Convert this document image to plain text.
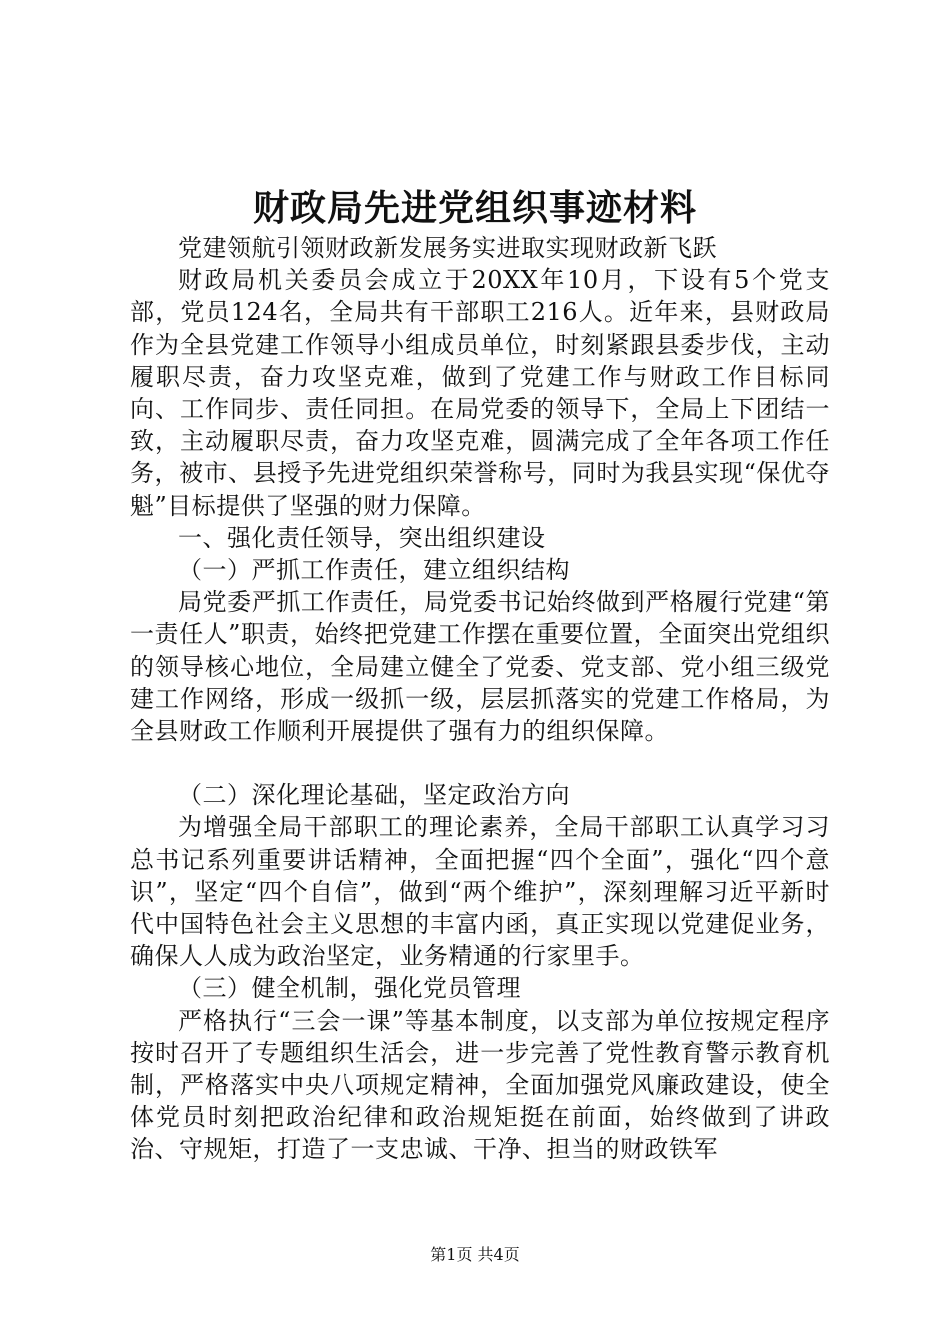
财政局先进党组织事迹材料

党建领航引领财政新发展务实进取实现财政新飞跃

财政局机关委员会成立于20XX年10月，下设有5个党支部，党员124名，全局共有干部职工216人。近年来，县财政局作为全县党建工作领导小组成员单位，时刻紧跟县委步伐，主动履职尽责，奋力攻坚克难，做到了党建工作与财政工作目标同向、工作同步、责任同担。在局党委的领导下，全局上下团结一致，主动履职尽责，奋力攻坚克难，圆满完成了全年各项工作任务，被市、县授予先进党组织荣誉称号，同时为我县实现“保优夺魁”目标提供了坚强的财力保障。

一、强化责任领导，突出组织建设

（一）严抓工作责任，建立组织结构

局党委严抓工作责任，局党委书记始终做到严格履行党建“第一责任人”职责，始终把党建工作摆在重要位置，全面突出党组织的领导核心地位，全局建立健全了党委、党支部、党小组三级党建工作网络，形成一级抓一级，层层抓落实的党建工作格局，为全县财政工作顺利开展提供了强有力的组织保障。

（二）深化理论基础，坚定政治方向

为增强全局干部职工的理论素养，全局干部职工认真学习习总书记系列重要讲话精神，全面把握“四个全面”，强化“四个意识”，坚定“四个自信”，做到“两个维护”，深刻理解习近平新时代中国特色社会主义思想的丰富内函，真正实现以党建促业务，确保人人成为政治坚定，业务精通的行家里手。

（三）健全机制，强化党员管理

严格执行“三会一课”等基本制度，以支部为单位按规定程序按时召开了专题组织生活会，进一步完善了党性教育警示教育机制，严格落实中央八项规定精神，全面加强党风廉政建设，使全体党员时刻把政治纪律和政治规矩挺在前面，始终做到了讲政治、守规矩，打造了一支忠诚、干净、担当的财政铁军

第1页 共4页
